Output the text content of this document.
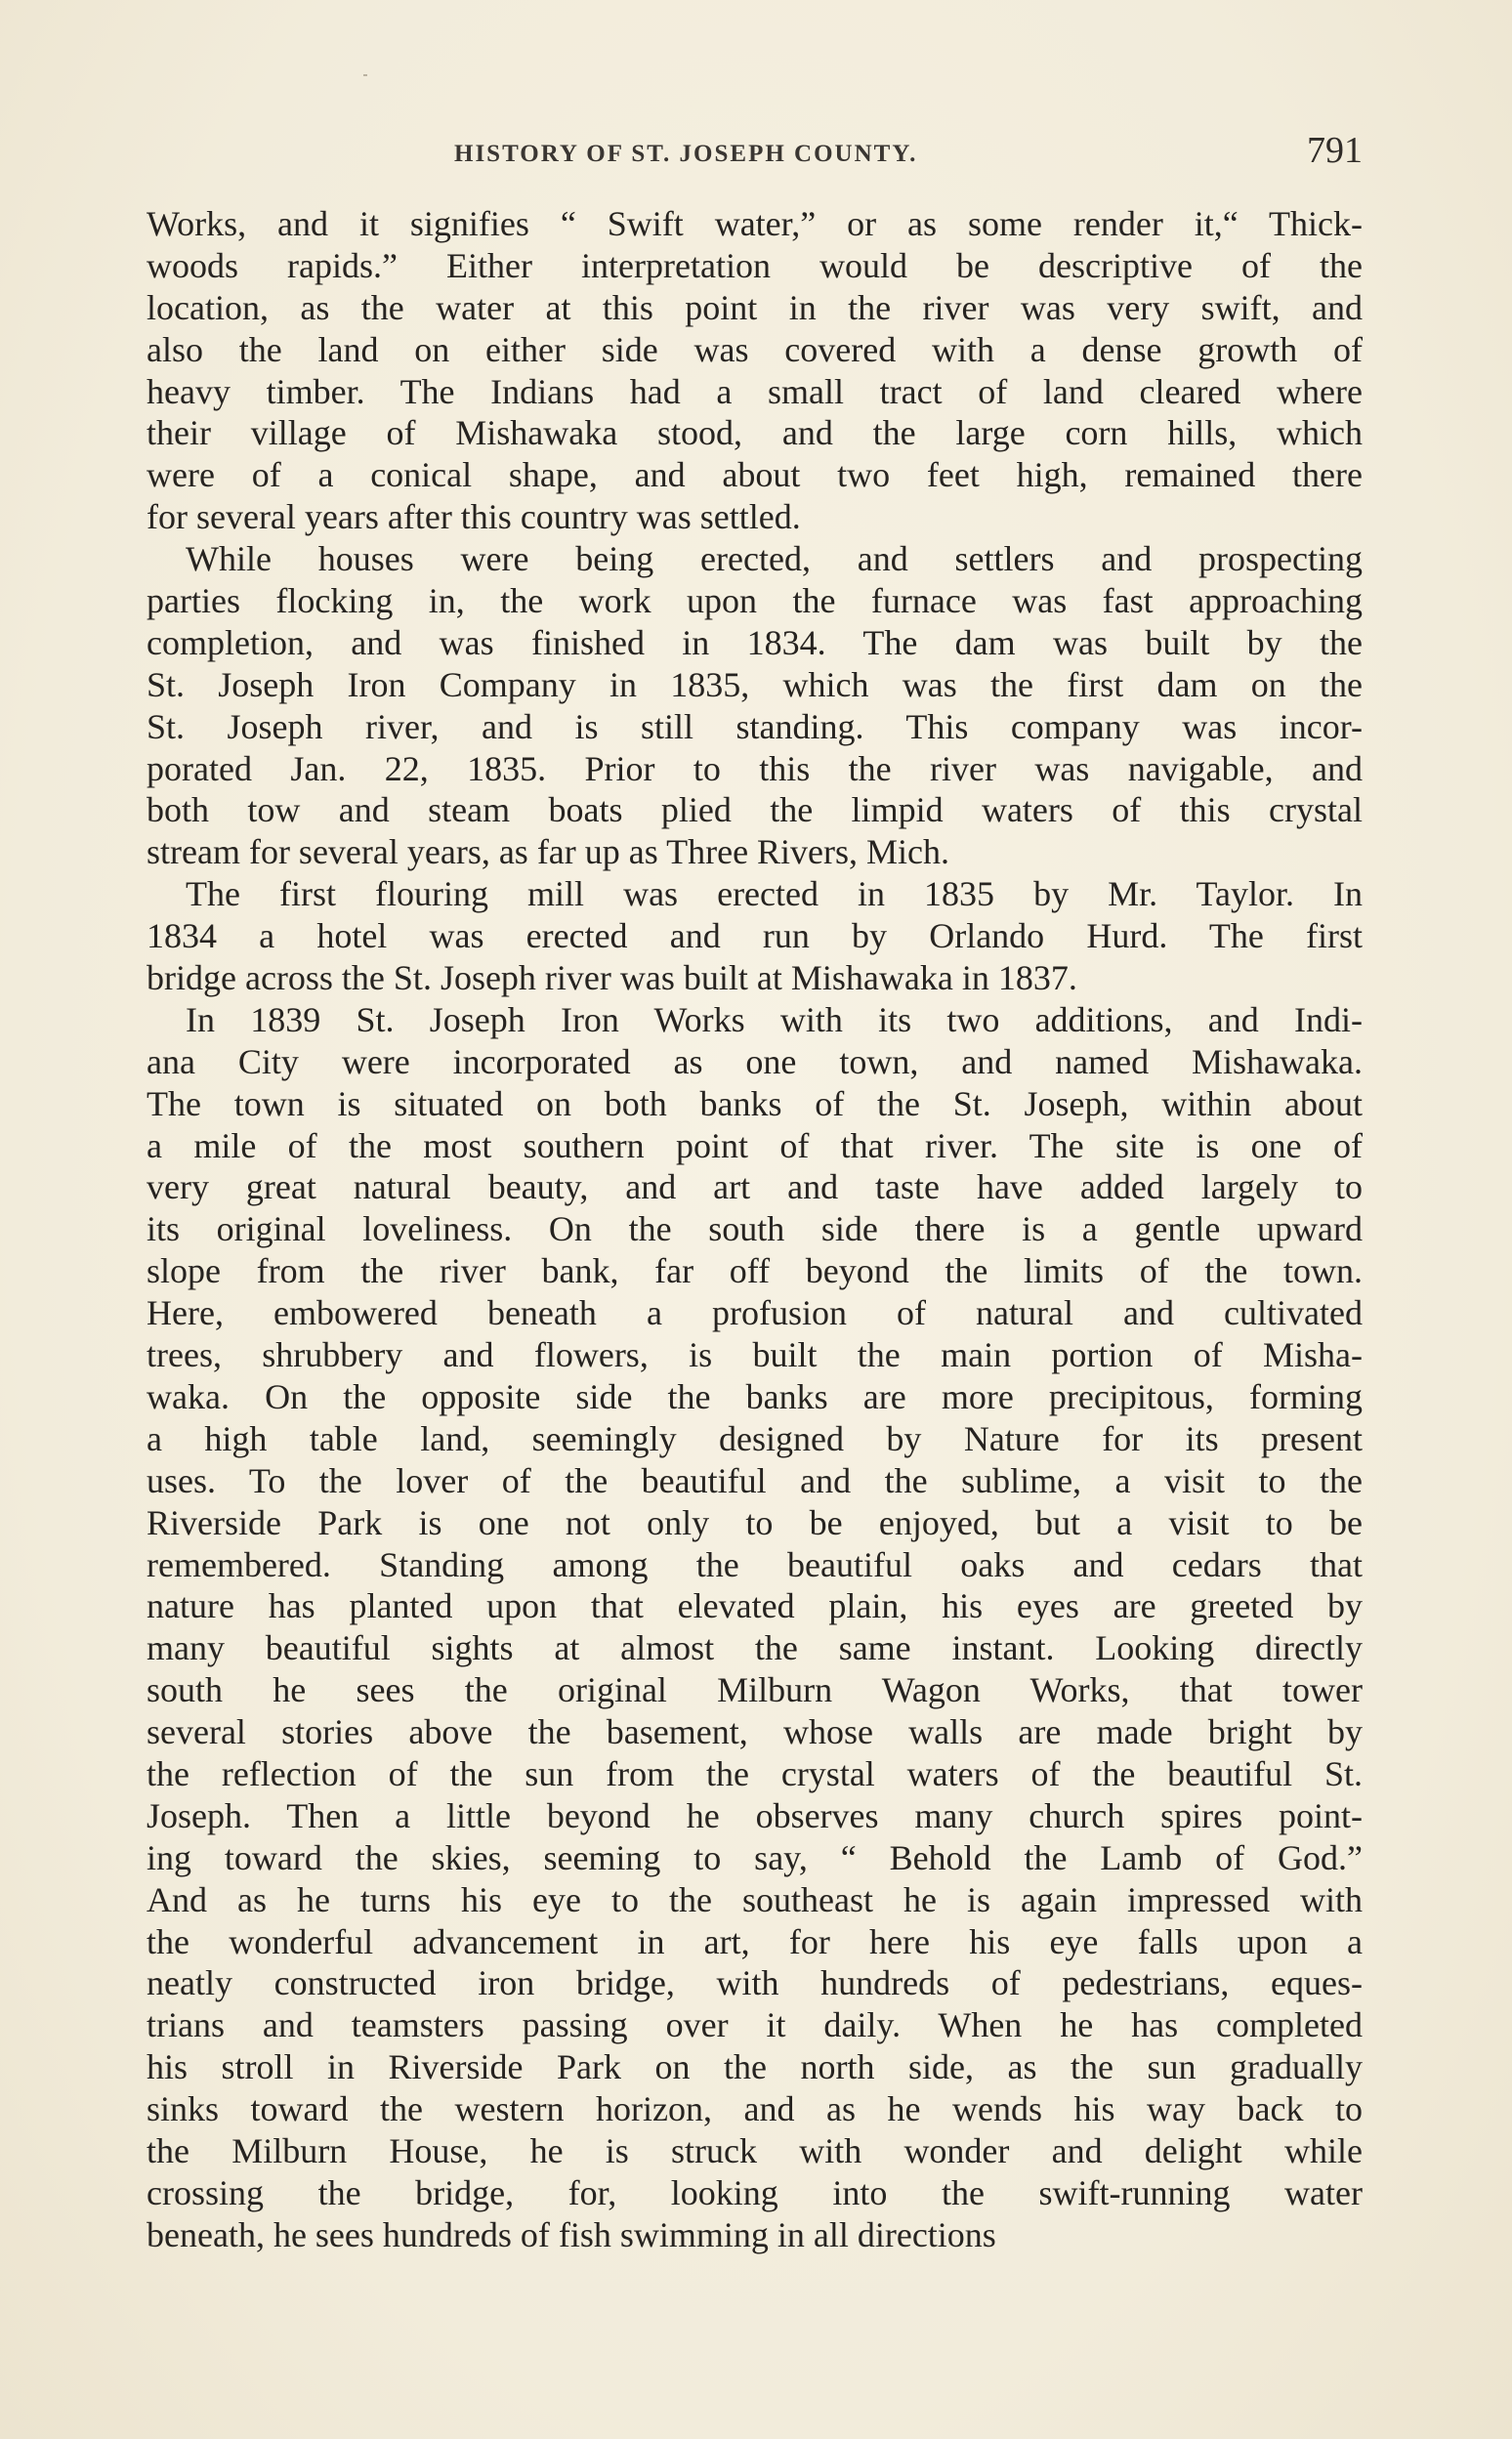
HISTORY OF ST. JOSEPH COUNTY.	791
Works, and it signifies “ Swift water,” or as some render it,“ Thick-
woods rapids.” Either interpretation would be descriptive of the
location, as the water at this point in the river was very swift, and
also the land on either side was covered with a dense growth of
heavy timber. The Indians had a small tract of land cleared where
their village of Mishawaka stood, and the large corn hills, which
were of a conical shape, and about two feet high, remained there
for several years after this country was settled.
While houses were being erected, and settlers and prospecting
parties flocking in, the work upon the furnace was fast approaching
completion, and was finished in 1834. The dam was built by the
St. Joseph Iron Company in 1835, which was the first dam on the
St. Joseph river, and is still standing. This company was incor-
porated Jan. 22, 1835. Prior to this the river was navigable, and
both tow and steam boats plied the limpid waters of this crystal
stream for several years, as far up as Three Rivers, Mich.
The first flouring mill was erected in 1835 by Mr. Taylor. In
1834 a hotel was erected and run by Orlando Hurd. The first
bridge across the St. Joseph river was built at Mishawaka in 1837.
In 1839 St. Joseph Iron Works with its two additions, and Indi-
ana City were incorporated as one town, and named Mishawaka.
The town is situated on both banks of the St. Joseph, within about
a mile of the most southern point of that river. The site is one of
very great natural beauty, and art and taste have added largely to
its original loveliness. On the south side there is a gentle upward
slope from the river bank, far off beyond the limits of the town.
Here, embowered beneath a profusion of natural and cultivated
trees, shrubbery and flowers, is built the main portion of Misha-
waka. On the opposite side the banks are more precipitous, forming
a high table land, seemingly designed by Nature for its present
uses. To the lover of the beautiful and the sublime, a visit to the
Riverside Park is one not only to be enjoyed, but a visit to be
remembered. Standing among the beautiful oaks and cedars that
nature has planted upon that elevated plain, his eyes are greeted by
many beautiful sights at almost the same instant. Looking directly
south he sees the original Milburn Wagon Works, that tower
several stories above the basement, whose walls are made bright by
the reflection of the sun from the crystal waters of the beautiful St.
Joseph. Then a little beyond he observes many church spires point-
ing toward the skies, seeming to say, “ Behold the Lamb of God.”
And as he turns his eye to the southeast he is again impressed with
the wonderful advancement in art, for here his eye falls upon a
neatly constructed iron bridge, with hundreds of pedestrians, eques-
trians and teamsters passing over it daily. When he has completed
his stroll in Riverside Park on the north side, as the sun gradually
sinks toward the western horizon, and as he wends his way back to
the Milburn House, he is struck with wonder and delight while
crossing the bridge, for, looking into the swift-running water
beneath, he sees hundreds of fish swimming in all directions
